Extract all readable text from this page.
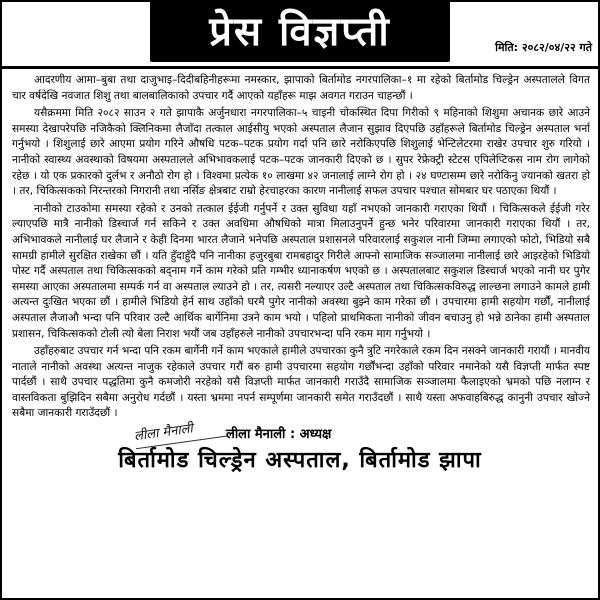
प्रेस विज्ञप्ती	मिति: २०८२/०४/२२ गते

आदरणीय आमा–बुबा तथा दाजुभाइ–दिदीबहिनीहरूमा नमस्कार, झापाको बिर्तामोड नगरपालिका–१ मा रहेको बिर्तामोड चिल्ड्रेन अस्पतालले विगत चार वर्षदेखि नवजात शिशु तथा बालबालिकाको उपचार गर्दै आएको यहाँहरू माझ अवगत गराउन चाहन्छौं ।

यसैक्रममा मिति २०८२ साउन २ गते झापाकै अर्जुनधारा नगरपालिका–५ चाइनी चोकस्थित दिपा गिरीको ९ महिनाको शिशुमा अचानक छारे आउने समस्या देखापरेपछि नजिकैको क्लिनिकमा लैजाँदा तत्काल आईसीयु भएको अस्पताल लैजान सुझाव दिएपछि उहाँहरूले बिर्तामोड चिल्ड्रेन अस्पताल भर्ना गर्नुभयो । शिशुलाई छारे आएमा प्रयोग गरिने औषधि पटक–पटक प्रयोग गर्दा पनि छारे नरोकिएपछि शिशुलाई भेन्टिलेटरमा राखेर उपचार शुरु गरियो । नानीको स्वास्थ्य अवस्थाको विषयमा अस्पतालले अभिभावकलाई पटक–पटक जानकारी दिएको छ । सुपर रेफ्रेक्ट्री स्टेटस एपिलेप्टिकस नाम रोग लागेको रहेछ । यो एक प्रकारको दुर्लभ र अनौठो रोग हो । विश्वमा प्रत्येक १० लाखमा ४२ जनालाई लाग्ने रोग हो । २४ घण्टासम्म छारे नरोकिनु ज्यानको खतरा हो । तर, चिकित्सकको निरन्तरको निगरानी तथा नर्सिङ क्षेत्रबाट राम्रो हेरचाहरका कारण नानीलाई सफल उपचार पश्चात सोमबार घर पठाएका थियौं ।

नानीको टाउकोमा समस्या रहेको र उनको तत्काल ईईजी गर्नुपर्ने र उक्त सुविधा यहाँ नभएको जानकारी गराएका थियौं । चिकित्सकले ईईजी गरेर ल्याएपछि मात्रै नानीको डिस्चार्ज गर्न सकिने र उक्त अवधिमा औषधिको मात्रा मिलाउनुपर्ने हुन्छ भनेर परिवारमा जानकारी गराएका थियौं । तर, अभिभावकले नानीलाई घर लैजाने र केही दिनमा भारत लैजाने भनेपछि अस्पताल प्रशासनले परिवारलाई सकुशल नानी जिम्मा लगाएको फोटो, भिडियो सबै सामग्री हामीले सुरक्षित राखेका छौं । यति हुँदाहुँदै पनि नानीका हजुरबुबा रामबहादुर गिरीले आफ्नो सामाजिक सञ्जालमा नानीलाई छारे आइरहेको भिडियो पोस्ट गर्दै अस्पताल तथा चिकित्सकको बद्नाम गर्ने काम गरेको प्रति गम्भीर ध्यानाकर्षण भएको छ । अस्पतालबाट सकुशल डिस्चार्ज भएको नानी घर पुगेर समस्या आएका अस्पतालमा सम्पर्क गर्न वा अस्पताल ल्याउने हो । तर, त्यसरी नल्याएर उल्टै अस्पताल तथा चिकित्सकविरुद्ध लाल्छना लगाउने कामले हामी अत्यन्त दुःखित भएका छौं । हामीले भिडियो हेर्न साथ उहाँको घरमै पुगेर नानीको अवस्था बुझ्ने काम गरेका छौं । उपचारमा हामी सहयोग गर्छौं, नानीलाई अस्पताल लैजाऔ भन्दा पनि परिवार उल्टै आर्थिक बार्गेनिमा उत्रने काम भयो । पहिलो प्राथमिकता नानीको जीवन बचाउनु हो भन्ने ठानेका हामी अस्पताल प्रशासन, चिकित्सकको टोली त्यो बेला निराश भयौं जब उहाँहरुले नानीको उपचारभन्दा पनि रकम माग गर्नुभयो ।

उहाँहरुबाट उपचार गर्न भन्दा पनि रकम बार्गेनी गर्ने काम भएकाले हामीले उपचारका कुनै त्रुटि नगरेकाले रकम दिन नसक्ने जानकारी गरायौं । मानवीय नाताले नानीको अवस्था अत्यन्त नाजुक रहेकाले उपचार गरौं बरु हामी उपचारमा सहयोग गर्छौंभन्दा उहाँको परिवार नमानेको यसै विज्ञप्ती मार्फत स्पष्ट पार्दछौं । साथै उपचार पद्धतिमा कुनै कमजोरी नरहेको यसै विज्ञप्ती मार्फत जानकारी गराउँदै सामाजिक सञ्जालमा फैलाइएको भ्रमको पछि नलाग्न र वास्तविकता बुझिदिन सबैमा अनुरोध गर्दछौं । यस्ता भ्रममा नपर्न सम्पूर्णमा जानकारी समेत गराउँदछौं । साथै यस्ता अफवाहबिरुद्ध कानुनी उपचार खोज्ने सबैमा जानकारी गराउँदछौं ।

लीला मैनाली	लीला मैनाली : अध्यक्ष
बिर्तामोड चिल्ड्रेन अस्पताल, बिर्तामोड झापा
